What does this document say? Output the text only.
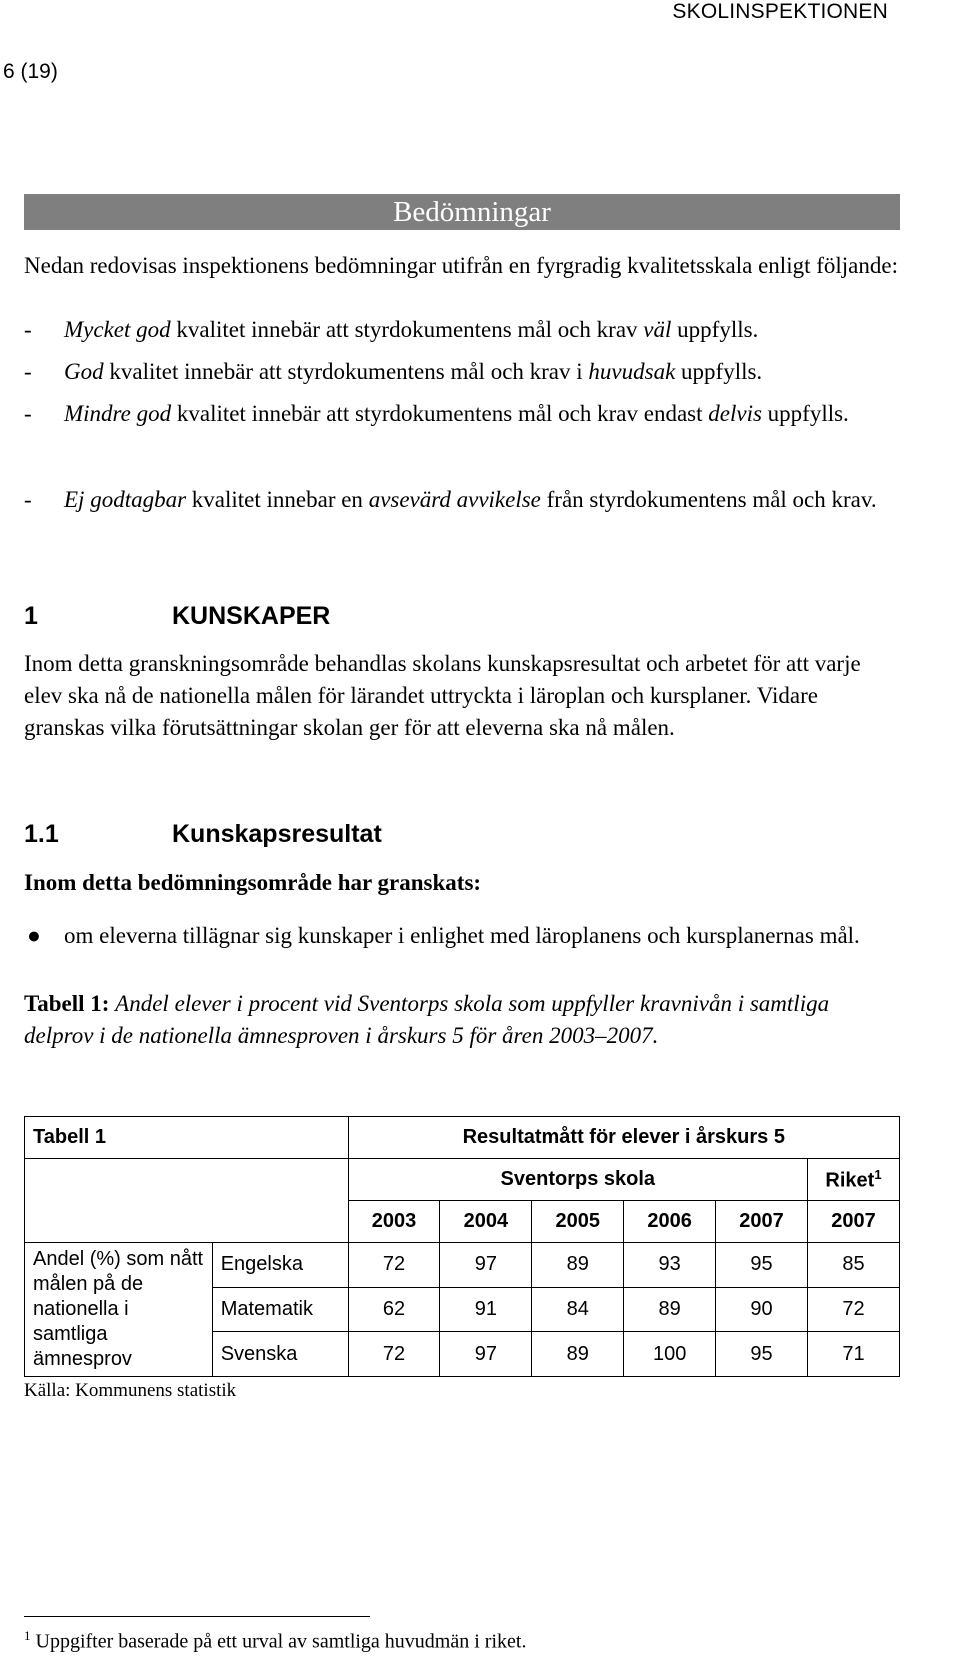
SKOLINSPEKTIONEN
6 (19)
Bedömningar
Nedan redovisas inspektionens bedömningar utifrån en fyrgradig kvalitetsskala enligt följande:
- Mycket god kvalitet innebär att styrdokumentens mål och krav väl uppfylls.
- God kvalitet innebär att styrdokumentens mål och krav i huvudsak uppfylls.
- Mindre god kvalitet innebär att styrdokumentens mål och krav endast delvis uppfylls.
- Ej godtagbar kvalitet innebar en avsevärd avvikelse från styrdokumentens mål och krav.
1	KUNSKAPER
Inom detta granskningsområde behandlas skolans kunskapsresultat och arbetet för att varje elev ska nå de nationella målen för lärandet uttryckta i läroplan och kursplaner. Vidare granskas vilka förutsättningar skolan ger för att eleverna ska nå målen.
1.1	Kunskapsresultat
Inom detta bedömningsområde har granskats:
● om eleverna tillägnar sig kunskaper i enlighet med läroplanens och kursplanernas mål.
Tabell 1: Andel elever i procent vid Sventorps skola som uppfyller kravnivån i samtliga delprov i de nationella ämnesproven i årskurs 5 för åren 2003–2007.
Tabell 1		Resultatmått för elever i årskurs 5					
		Sventorps skola					Riket$^1$
		2003	2004	2005	2006	2007	2007
Andel (%) som nått målen på de nationella i samtliga ämnesprov	Engelska	72	97	89	93	95	85
	Matematik	62	91	84	89	90	72
	Svenska	72	97	89	100	95	71
Källa: Kommunens statistik
$^1$ Uppgifter baserade på ett urval av samtliga huvudmän i riket.
